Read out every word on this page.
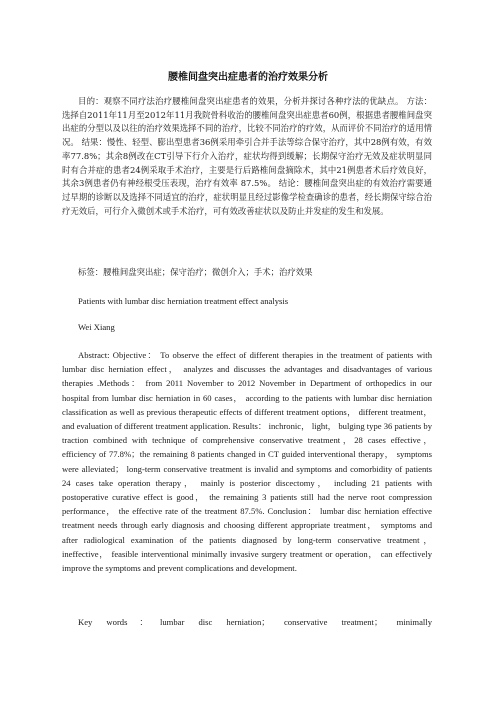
腰椎间盘突出症患者的治疗效果分析

目的：观察不同疗法治疗腰椎间盘突出症患者的效果，分析并探讨各种疗法的优缺点。 方法：选择自2011年11月至2012年11月我院骨科收治的腰椎间盘突出症患者60例，根据患者腰椎间盘突出症的分型以及以往的治疗效果选择不同的治疗，比较不同治疗的疗效，从而评价不同治疗的适用情况。 结果：慢性、轻型、膨出型患者36例采用牵引合并手法等综合保守治疗，其中28例有效，有效率77.8%；其余8例改在CT引导下行介入治疗，症状均得到缓解；长期保守治疗无效及症状明显同时有合并症的患者24例采取手术治疗，主要是行后路椎间盘摘除术，其中21例患者术后疗效良好，其余3例患者仍有神经根受压表现，治疗有效率 87.5%。 结论：腰椎间盘突出症的有效治疗需要通过早期的诊断以及选择不同适宜的治疗，症状明显且经过影像学检查确诊的患者，经长期保守综合治疗无效后，可行介入微创术或手术治疗，可有效改善症状以及防止并发症的发生和发展。

标签：腰椎间盘突出症；保守治疗；微创介入；手术；治疗效果

Patients with lumbar disc herniation treatment effect analysis

Wei Xiang

Abstract: Objective： To observe the effect of different therapies in the treatment of patients with lumbar disc herniation effect， analyzes and discusses the advantages and disadvantages of various therapies .Methods： from 2011 November to 2012 November in Department of orthopedics in our hospital from lumbar disc herniation in 60 cases， according to the patients with lumbar disc herniation classification as well as previous therapeutic effects of different treatment options， different treatment， and evaluation of different treatment application. Results： inchronic， light， bulging type 36 patients by traction combined with technique of comprehensive conservative treatment，28 cases effective，efficiency of 77.8%；the remaining 8 patients changed in CT guided interventional therapy， symptoms were alleviated； long-term conservative treatment is invalid and symptoms and comorbidity of patients 24 cases take operation therapy， mainly is posterior discectomy， including 21 patients with postoperative curative effect is good， the remaining 3 patients still had the nerve root compression performance， the effective rate of the treatment 87.5%. Conclusion： lumbar disc herniation effective treatment needs through early diagnosis and choosing different appropriate treatment， symptoms and after radiological examination of the patients diagnosed by long-term conservative treatment， ineffective， feasible interventional minimally invasive surgery treatment or operation， can effectively improve the symptoms and prevent complications and development.

Key words：lumbar disc herniation； conservative treatment； minimally
